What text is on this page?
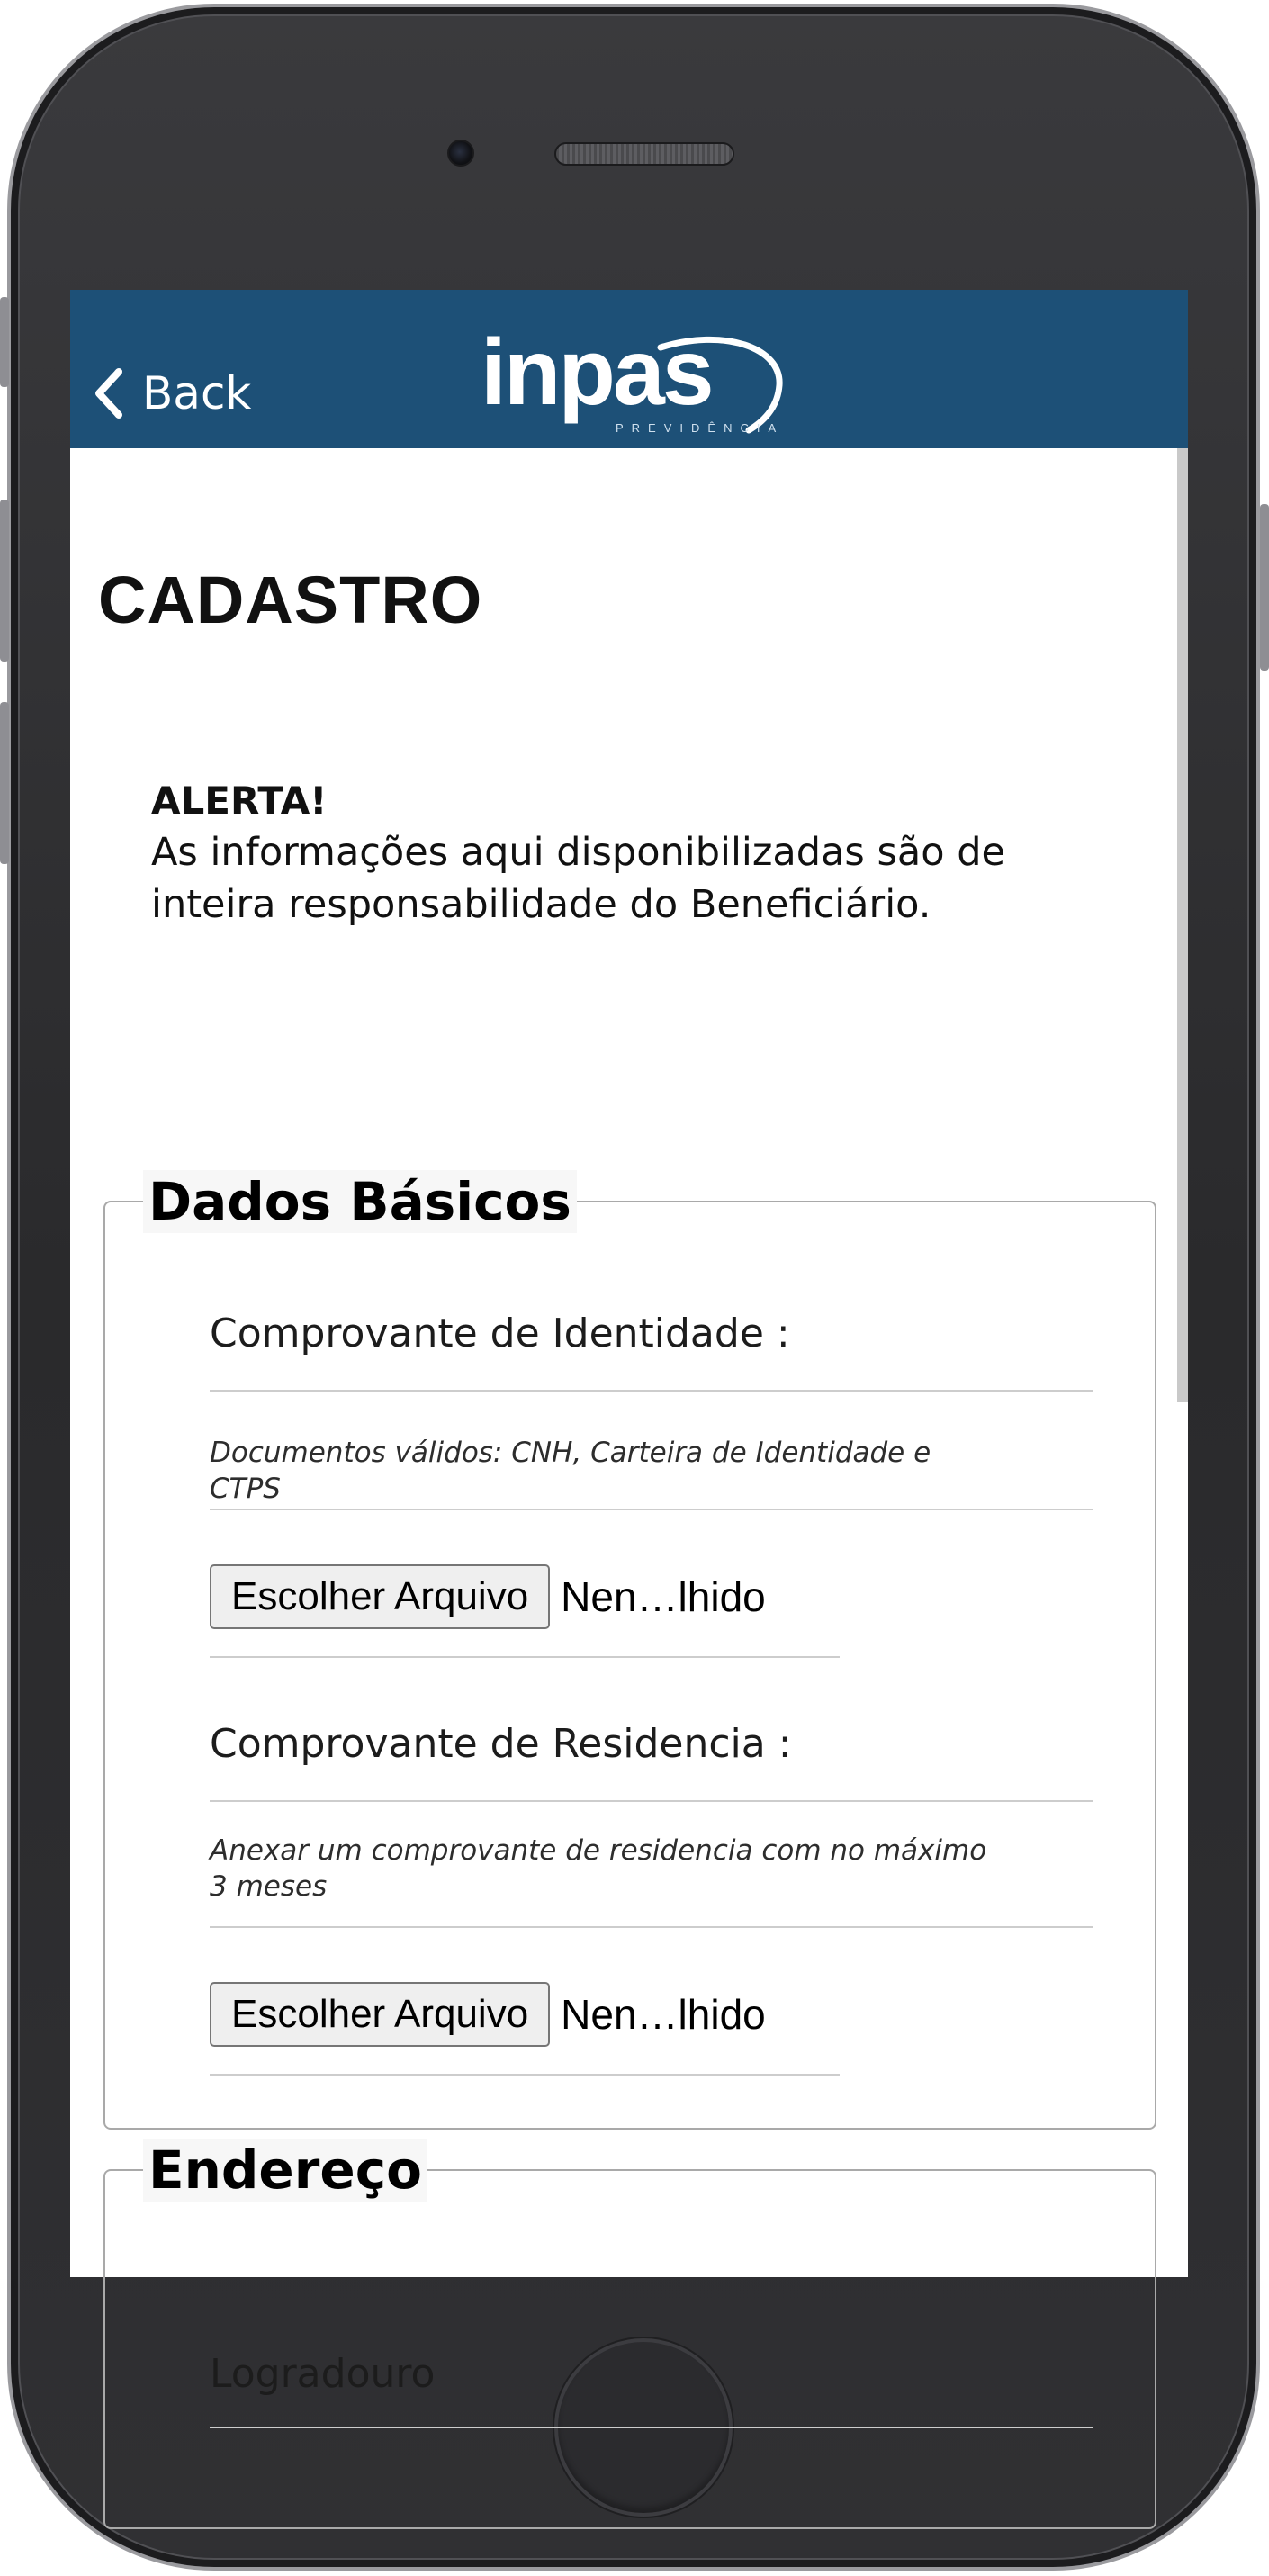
Back inpas
PREVIDÊNCIA
CADASTRO
ALERTA!
As informações aqui disponibilizadas são de inteira responsabilidade do Beneficiário.
Dados Básicos
Comprovante de Identidade :
Documentos válidos: CNH, Carteira de Identidade e CTPS
Escolher Arquivo Nen…lhido
Comprovante de Residencia :
Anexar um comprovante de residencia com no máximo 3 meses
Escolher Arquivo Nen…lhido
Endereço
Logradouro
